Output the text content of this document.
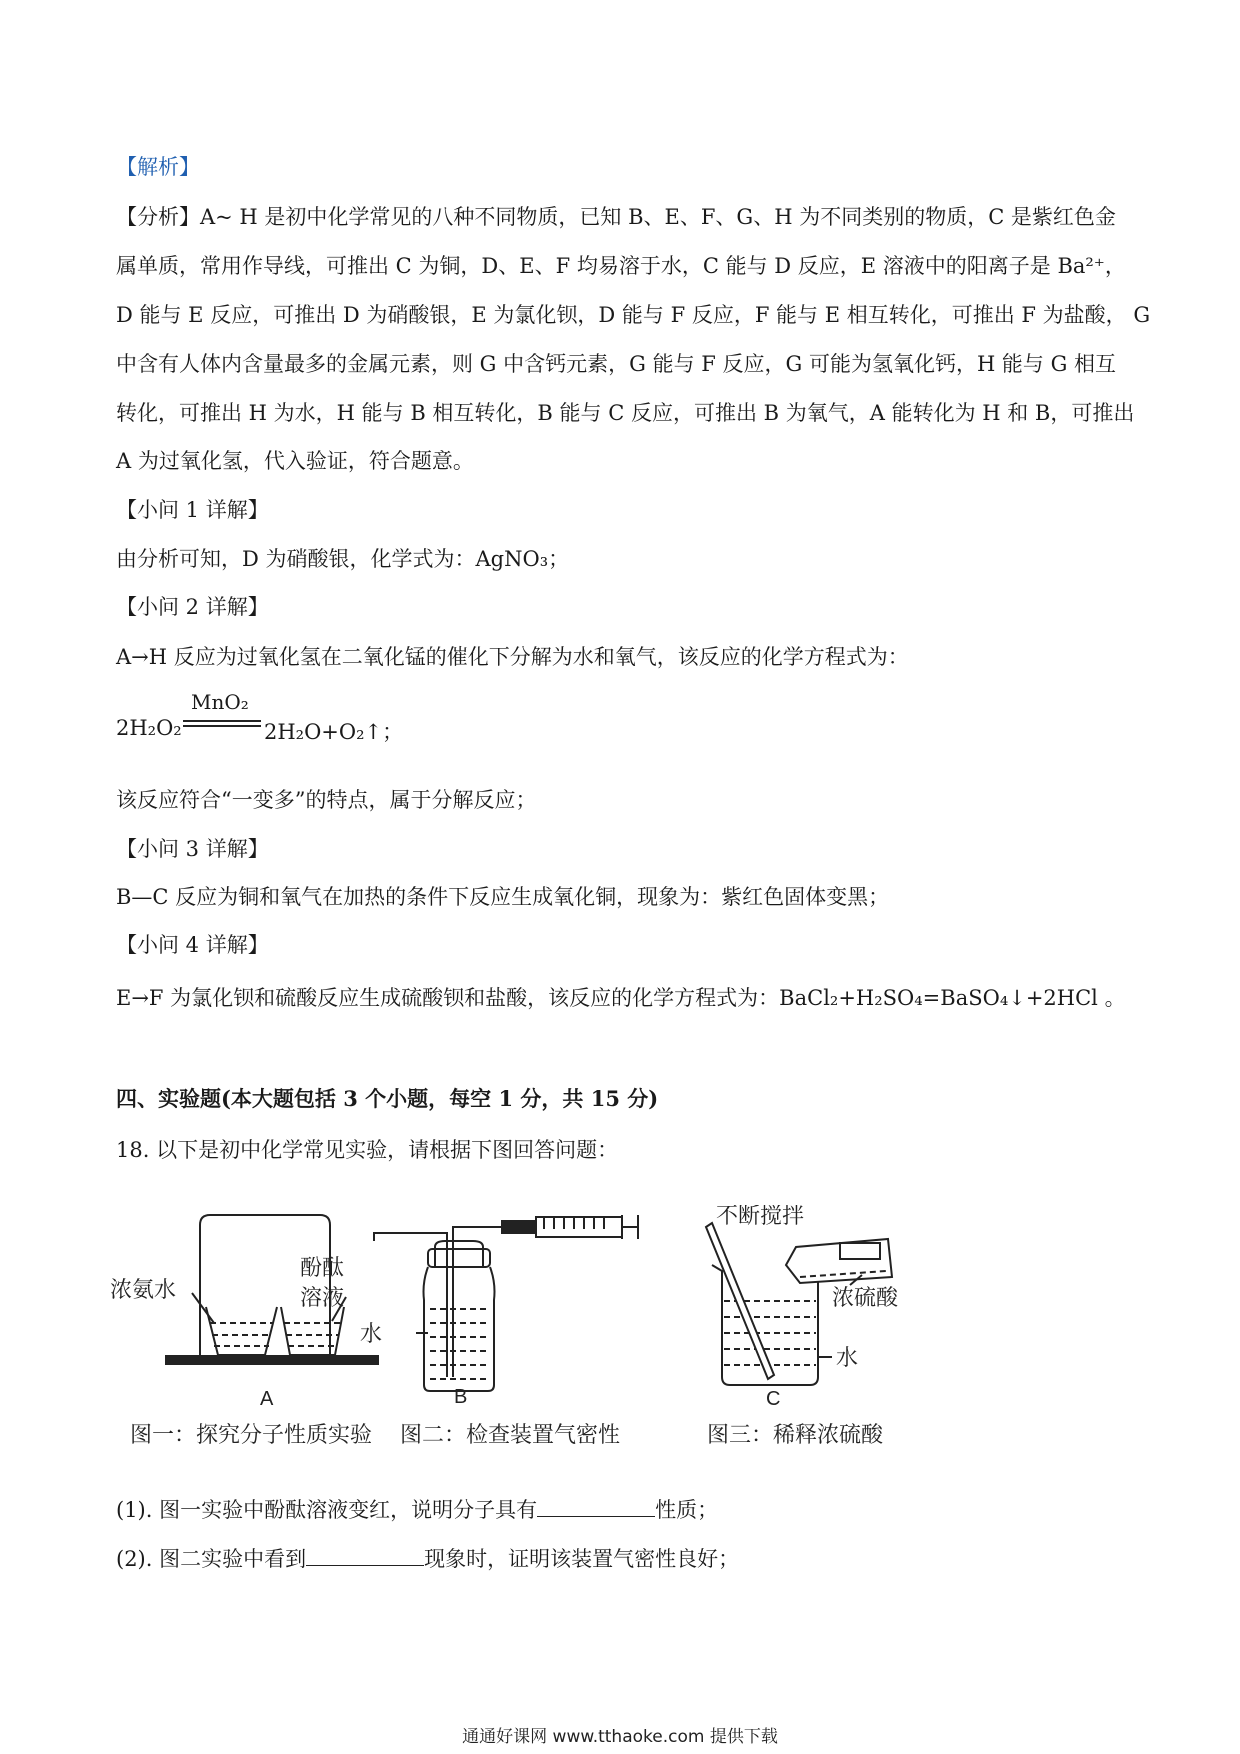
【解析】
【分析】A~ H 是初中化学常见的八种不同物质，已知 B、E、F、G、H 为不同类别的物质，C 是紫红色金
属单质，常用作导线，可推出 C 为铜，D、E、F 均易溶于水，C 能与 D 反应，E 溶液中的阳离子是 Ba²⁺，
D 能与 E 反应，可推出 D 为硝酸银，E 为氯化钡，D 能与 F 反应，F 能与 E 相互转化，可推出 F 为盐酸， G
中含有人体内含量最多的金属元素，则 G 中含钙元素，G 能与 F 反应，G 可能为氢氧化钙，H 能与 G 相互
转化，可推出 H 为水，H 能与 B 相互转化，B 能与 C 反应，可推出 B 为氧气，A 能转化为 H 和 B，可推出
A 为过氧化氢，代入验证，符合题意。
【小问 1 详解】
由分析可知，D 为硝酸银，化学式为：AgNO₃；
【小问 2 详解】
A→H 反应为过氧化氢在二氧化锰的催化下分解为水和氧气，该反应的化学方程式为：
2H₂O₂
MnO₂
2H₂O+O₂↑；
该反应符合“一变多”的特点，属于分解反应；
【小问 3 详解】
B—C 反应为铜和氧气在加热的条件下反应生成氧化铜，现象为：紫红色固体变黑；
【小问 4 详解】
E→F 为氯化钡和硫酸反应生成硫酸钡和盐酸，该反应的化学方程式为：BaCl₂+H₂SO₄=BaSO₄↓+2HCl 。
四、实验题(本大题包括 3 个小题，每空 1 分，共 15 分)
18. 以下是初中化学常见实验，请根据下图回答问题：
浓氨水
酚酞
溶液
A
水
B
不断搅拌
浓硫酸
水
C
图一：探究分子性质实验 图二：检查装置气密性	图三：稀释浓硫酸
(1). 图一实验中酚酞溶液变红，说明分子具有	性质；
(2). 图二实验中看到	现象时，证明该装置气密性良好；
通通好课网 www.tthaoke.com 提供下载
